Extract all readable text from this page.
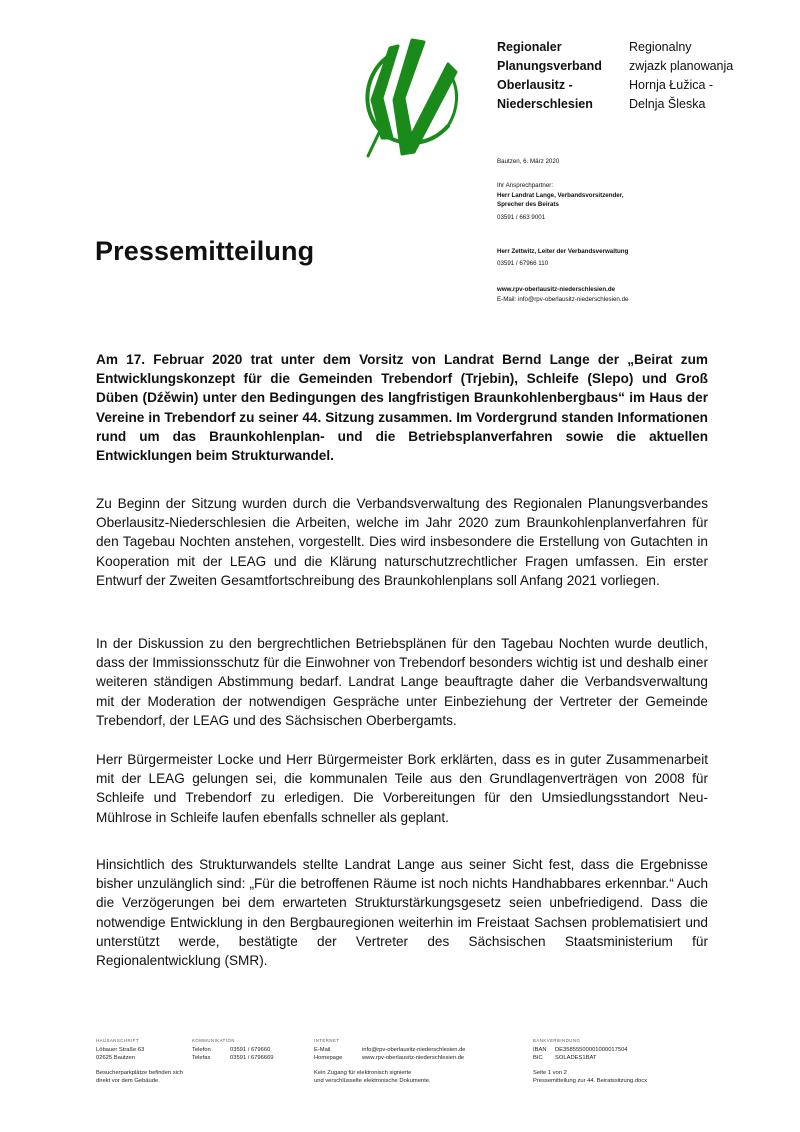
Regionaler
Planungsverband
Oberlausitz -
Niederschlesien
Regionalny
zwjazk planowanja
Hornja Łužica -
Delnja Šleska
Bautzen, 6. März 2020
Ihr Ansprechpartner:
Herr Landrat Lange, Verbandsvorsitzender,
Sprecher des Beirats
03591 / 663 9001
Herr Zettwitz, Leiter der Verbandsverwaltung
03591 / 67966 110
www.rpv-oberlausitz-niederschlesien.de
E-Mail: info@rpv-oberlausitz-niederschlesien.de
Pressemitteilung
Am 17. Februar 2020 trat unter dem Vorsitz von Landrat Bernd Lange der „Beirat zum Entwicklungskonzept für die Gemeinden Trebendorf (Trjebin), Schleife (Slepo) und Groß Düben (Dźěwin) unter den Bedingungen des langfristigen Braunkohlenbergbaus“ im Haus der Vereine in Trebendorf zu seiner 44. Sitzung zusammen. Im Vordergrund standen Informationen rund um das Braunkohlenplan- und die Betriebsplanverfahren sowie die aktuellen Entwicklungen beim Strukturwandel.
Zu Beginn der Sitzung wurden durch die Verbandsverwaltung des Regionalen Planungsverbandes Oberlausitz-Niederschlesien die Arbeiten, welche im Jahr 2020 zum Braunkohlenplanverfahren für den Tagebau Nochten anstehen, vorgestellt. Dies wird insbesondere die Erstellung von Gutachten in Kooperation mit der LEAG und die Klärung naturschutzrechtlicher Fragen umfassen. Ein erster Entwurf der Zweiten Gesamtfortschreibung des Braunkohlenplans soll Anfang 2021 vorliegen.
In der Diskussion zu den bergrechtlichen Betriebsplänen für den Tagebau Nochten wurde deutlich, dass der Immissionsschutz für die Einwohner von Trebendorf besonders wichtig ist und deshalb einer weiteren ständigen Abstimmung bedarf. Landrat Lange beauftragte daher die Verbandsverwaltung mit der Moderation der notwendigen Gespräche unter Einbeziehung der Vertreter der Gemeinde Trebendorf, der LEAG und des Sächsischen Oberbergamts.
Herr Bürgermeister Locke und Herr Bürgermeister Bork erklärten, dass es in guter Zusammenarbeit mit der LEAG gelungen sei, die kommunalen Teile aus den Grundlagenverträgen von 2008 für Schleife und Trebendorf zu erledigen. Die Vorbereitungen für den Umsiedlungsstandort Neu-Mühlrose in Schleife laufen ebenfalls schneller als geplant.
Hinsichtlich des Strukturwandels stellte Landrat Lange aus seiner Sicht fest, dass die Ergebnisse bisher unzulänglich sind: „Für die betroffenen Räume ist noch nichts Handhabbares erkennbar.“ Auch die Verzögerungen bei dem erwarteten Strukturstärkungsgesetz seien unbefriedigend. Dass die notwendige Entwicklung in den Bergbauregionen weiterhin im Freistaat Sachsen problematisiert und unterstützt werde, bestätigte der Vertreter des Sächsischen Staatsministerium für Regionalentwicklung (SMR).
HAUSANSCHRIFT
Löbauer Straße 63
02625 Bautzen
Besucherparkplätze befinden sich
direkt vor dem Gebäude.
KOMMUNIKATION
Telefon	03591 / 679660
Telefax	03591 / 6796669
INTERNET
E-Mail	info@rpv-oberlausitz-niederschlesien.de
Homepage	www.rpv-oberlausitz-niederschlesien.de
Kein Zugang für elektronisch signierte
und verschlüsselte elektronische Dokumente.
BANKVERBINDUNG
IBAN DE35855500001000017504
BIC SOLADES1BAT
Seite 1 von 2
Pressemitteilung zur 44. Beiratssitzung.docx
